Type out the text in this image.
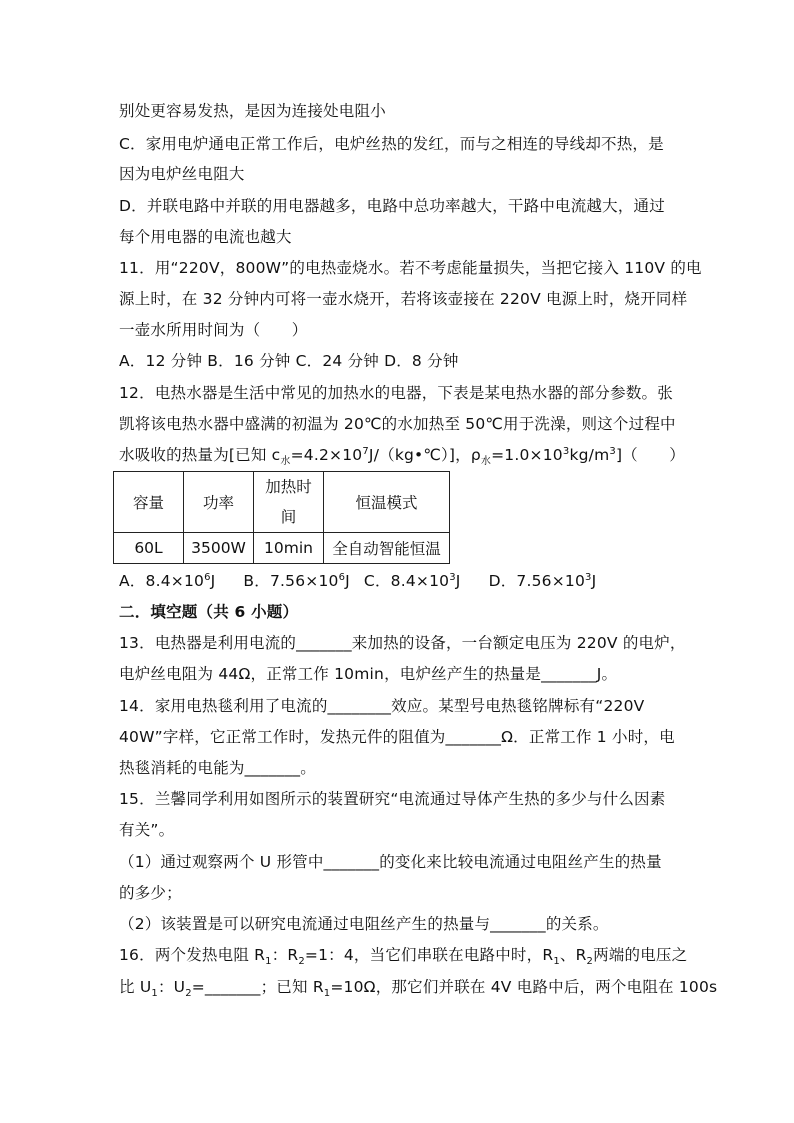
别处更容易发热，是因为连接处电阻小
C．家用电炉通电正常工作后，电炉丝热的发红，而与之相连的导线却不热，是
因为电炉丝电阻大
D．并联电路中并联的用电器越多，电路中总功率越大，干路中电流越大，通过
每个用电器的电流也越大
11．用“220V，800W”的电热壶烧水。若不考虑能量损失，当把它接入 110V 的电
源上时，在 32 分钟内可将一壶水烧开，若将该壶接在 220V 电源上时，烧开同样
一壶水所用时间为（　　）
A．12 分钟 B．16 分钟 C．24 分钟 D．8 分钟
12．电热水器是生活中常见的加热水的电器，下表是某电热水器的部分参数。张
凯将该电热水器中盛满的初温为 20℃的水加热至 50℃用于洗澡，则这个过程中
水吸收的热量为[已知 $c_水=4.2\times 10^7J/(kg•℃)$]，$\rho_水=1.0\times 10^3kg/m^3$]（　　）
容量	功率	加热时间	恒温模式
60L	3500W	10min	全自动智能恒温
A．$8.4\times 10^6J$ B．$7.56\times 10^6J$ C．$8.4\times 10^3J$ D．$7.56\times 10^3J$
二．填空题（共 6 小题）
13．电热器是利用电流的_______来加热的设备，一台额定电压为 220V 的电炉，
电炉丝电阻为 44Ω，正常工作 10min，电炉丝产生的热量是_______J。
14．家用电热毯利用了电流的________效应。某型号电热毯铭牌标有“220V
40W”字样，它正常工作时，发热元件的阻值为_______Ω．正常工作 1 小时，电
热毯消耗的电能为_______。
15．兰馨同学利用如图所示的装置研究“电流通过导体产生热的多少与什么因素
有关”。
（1）通过观察两个 U 形管中_______的变化来比较电流通过电阻丝产生的热量
的多少；
（2）该装置是可以研究电流通过电阻丝产生的热量与_______的关系。
16．两个发热电阻 $R_1$：$R_2=1$：4，当它们串联在电路中时，$R_1$、$R_2$两端的电压之
比 $U_1$：$U_2=\_\_\_\_\_\_\_$；已知 $R_1=10\Omega$，那它们并联在 4V 电路中后，两个电阻在 100s
